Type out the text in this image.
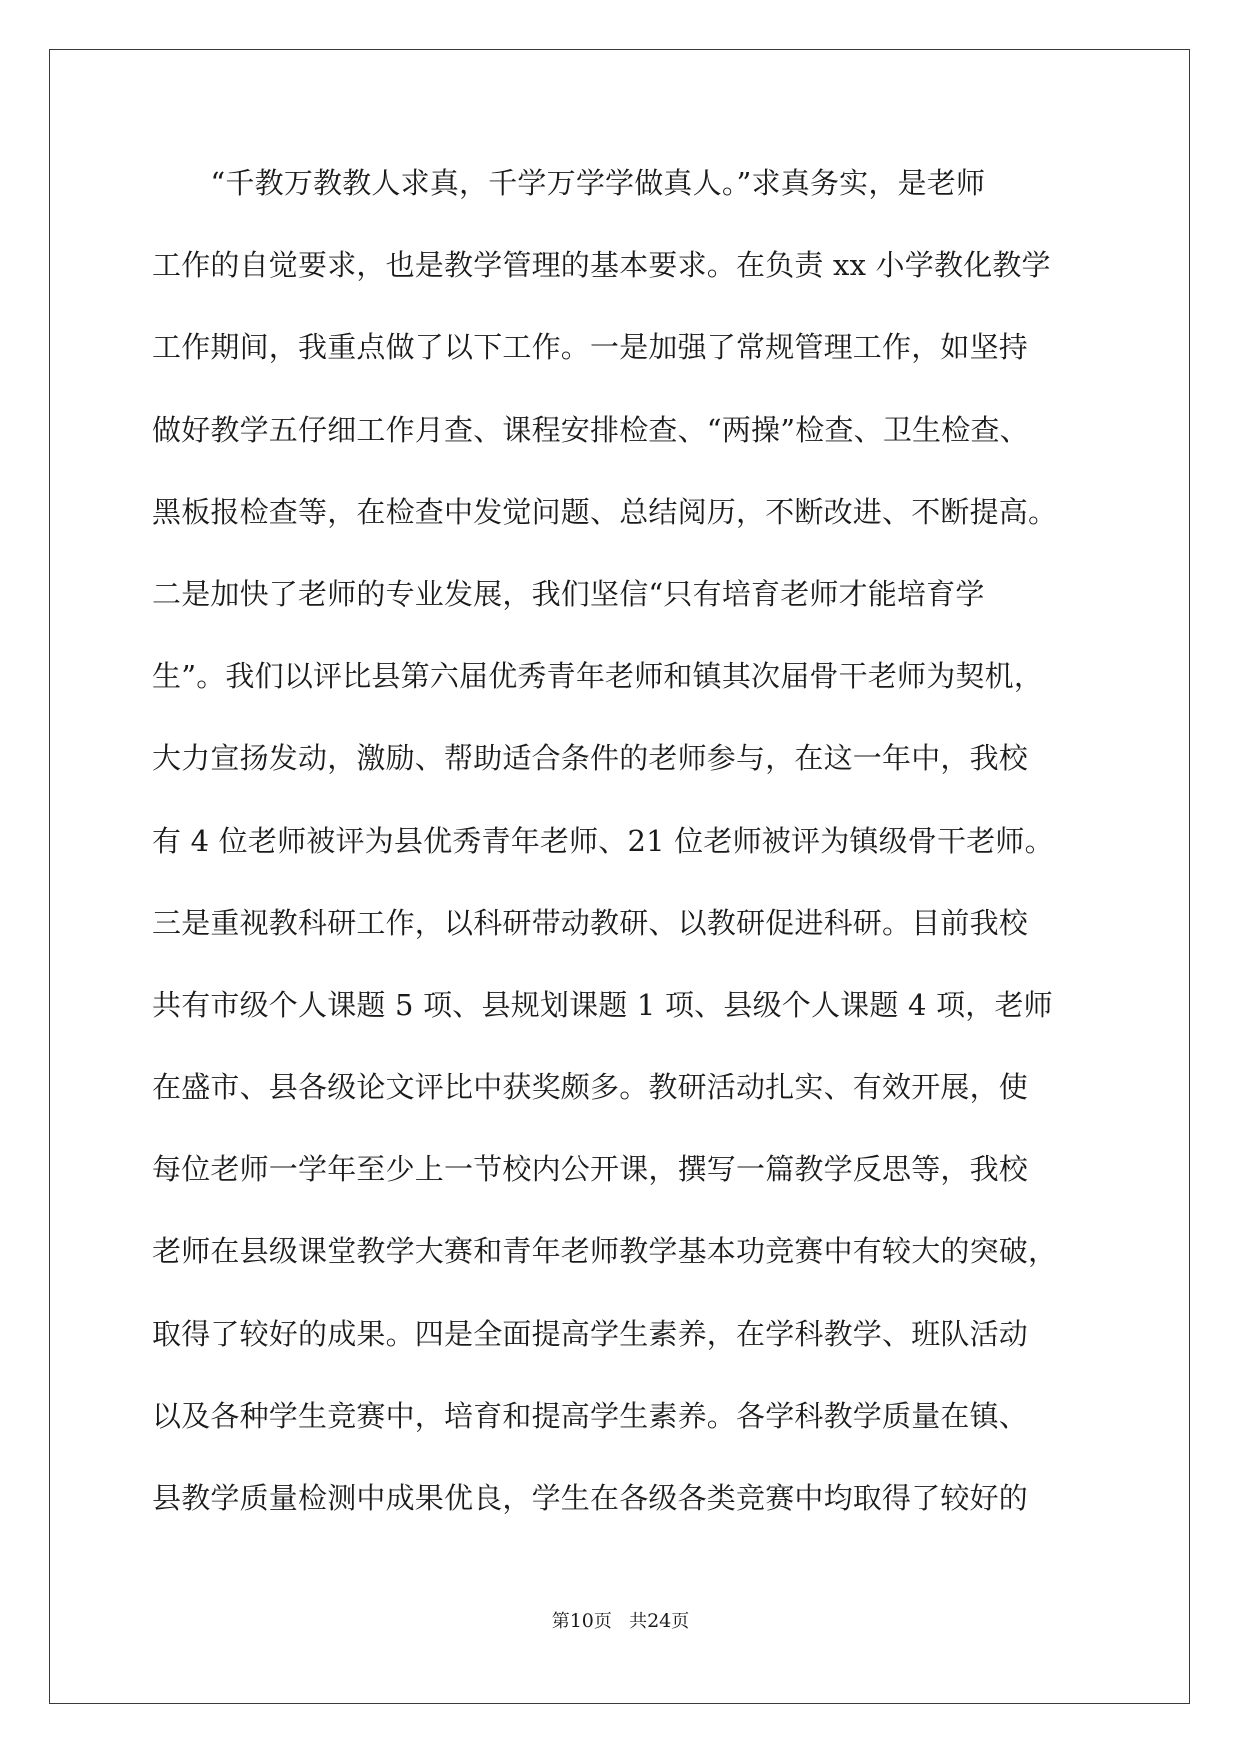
　　“千教万教教人求真，千学万学学做真人。”求真务实，是老师
工作的自觉要求，也是教学管理的基本要求。在负责 xx 小学教化教学
工作期间，我重点做了以下工作。一是加强了常规管理工作，如坚持
做好教学五仔细工作月查、课程安排检查、“两操”检查、卫生检查、
黑板报检查等，在检查中发觉问题、总结阅历，不断改进、不断提高。
二是加快了老师的专业发展，我们坚信“只有培育老师才能培育学
生”。我们以评比县第六届优秀青年老师和镇其次届骨干老师为契机，
大力宣扬发动，激励、帮助适合条件的老师参与，在这一年中，我校
有 4 位老师被评为县优秀青年老师、21 位老师被评为镇级骨干老师。
三是重视教科研工作，以科研带动教研、以教研促进科研。目前我校
共有市级个人课题 5 项、县规划课题 1 项、县级个人课题 4 项，老师
在盛市、县各级论文评比中获奖颇多。教研活动扎实、有效开展，使
每位老师一学年至少上一节校内公开课，撰写一篇教学反思等，我校
老师在县级课堂教学大赛和青年老师教学基本功竞赛中有较大的突破，
取得了较好的成果。四是全面提高学生素养，在学科教学、班队活动
以及各种学生竞赛中，培育和提高学生素养。各学科教学质量在镇、
县教学质量检测中成果优良，学生在各级各类竞赛中均取得了较好的
第10页 共24页
